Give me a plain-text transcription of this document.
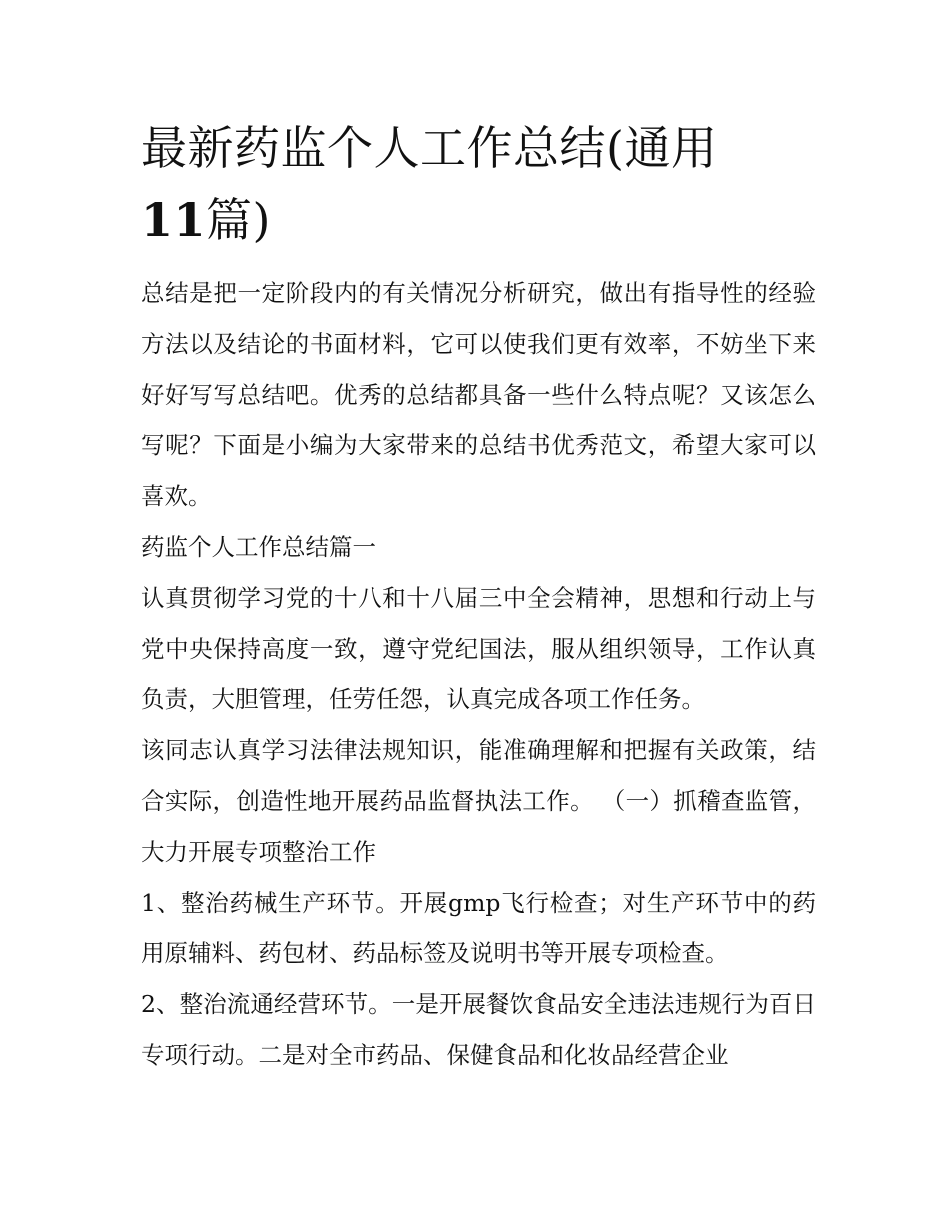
最新药监个人工作总结(通用
11篇)

总结是把一定阶段内的有关情况分析研究，做出有指导性的经验方法以及结论的书面材料，它可以使我们更有效率，不妨坐下来好好写写总结吧。优秀的总结都具备一些什么特点呢？又该怎么写呢？下面是小编为大家带来的总结书优秀范文，希望大家可以喜欢。

药监个人工作总结篇一

认真贯彻学习党的十八和十八届三中全会精神，思想和行动上与党中央保持高度一致，遵守党纪国法，服从组织领导，工作认真负责，大胆管理，任劳任怨，认真完成各项工作任务。

该同志认真学习法律法规知识，能准确理解和把握有关政策，结合实际，创造性地开展药品监督执法工作。 （一）抓稽查监管，大力开展专项整治工作

1、整治药械生产环节。开展gmp飞行检查；对生产环节中的药用原辅料、药包材、药品标签及说明书等开展专项检查。

2、整治流通经营环节。一是开展餐饮食品安全违法违规行为百日专项行动。二是对全市药品、保健食品和化妆品经营企业
